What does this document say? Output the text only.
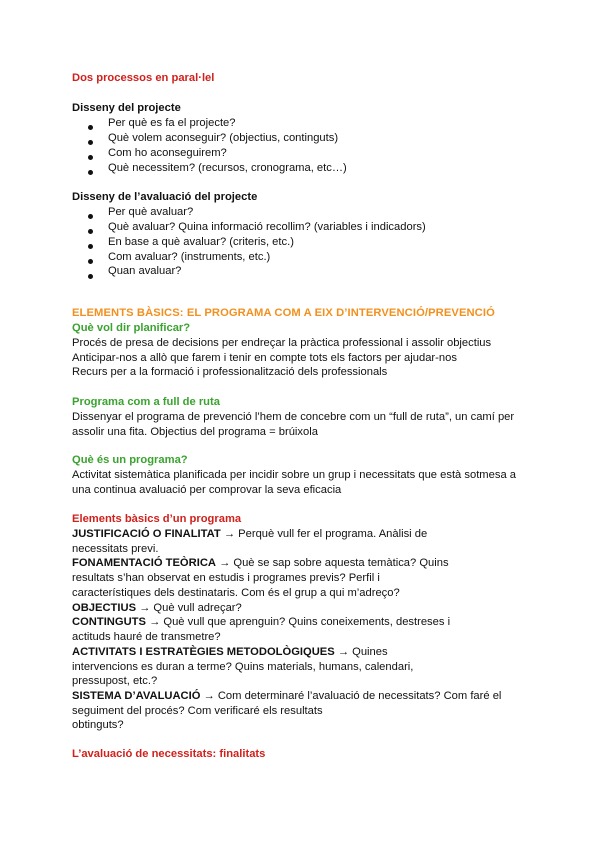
Dos processos en paral·lel
Disseny del projecte
Per què es fa el projecte?
Què volem aconseguir? (objectius, continguts)
Com ho aconseguirem?
Què necessitem? (recursos, cronograma, etc…)
Disseny de l’avaluació del projecte
Per què avaluar?
Què avaluar? Quina informació recollim? (variables i indicadors)
En base a què avaluar? (criteris, etc.)
Com avaluar? (instruments, etc.)
Quan avaluar?
ELEMENTS BÀSICS: EL PROGRAMA COM A EIX D’INTERVENCIÓ/PREVENCIÓ
Què vol dir planificar?
Procés de presa de decisions per endreçar la pràctica professional i assolir objectius
Anticipar-nos a allò que farem i tenir en compte tots els factors per ajudar-nos
Recurs per a la formació i professionalització dels professionals
Programa com a full de ruta
Dissenyar el programa de prevenció l’hem de concebre com un “full de ruta”, un camí per
assolir una fita. Objectius del programa = brúixola
Què és un programa?
Activitat sistemàtica planificada per incidir sobre un grup i necessitats que està sotmesa a
una continua avaluació per comprovar la seva eficacia
Elements bàsics d’un programa
JUSTIFICACIÓ O FINALITAT → Perquè vull fer el programa. Anàlisi de
necessitats previ.
FONAMENTACIÓ TEÒRICA → Què se sap sobre aquesta temàtica? Quins
resultats s’han observat en estudis i programes previs? Perfil i
característiques dels destinataris. Com és el grup a qui m’adreço?
OBJECTIUS → Què vull adreçar?
CONTINGUTS → Què vull que aprenguin? Quins coneixements, destreses i
actituds hauré de transmetre?
ACTIVITATS I ESTRATÈGIES METODOLÒGIQUES → Quines
intervencions es duran a terme? Quins materials, humans, calendari,
pressupost, etc.?
SISTEMA D’AVALUACIÓ → Com determinaré l’avaluació de necessitats? Com faré el
seguiment del procés? Com verificaré els resultats
obtinguts?
L’avaluació de necessitats: finalitats
